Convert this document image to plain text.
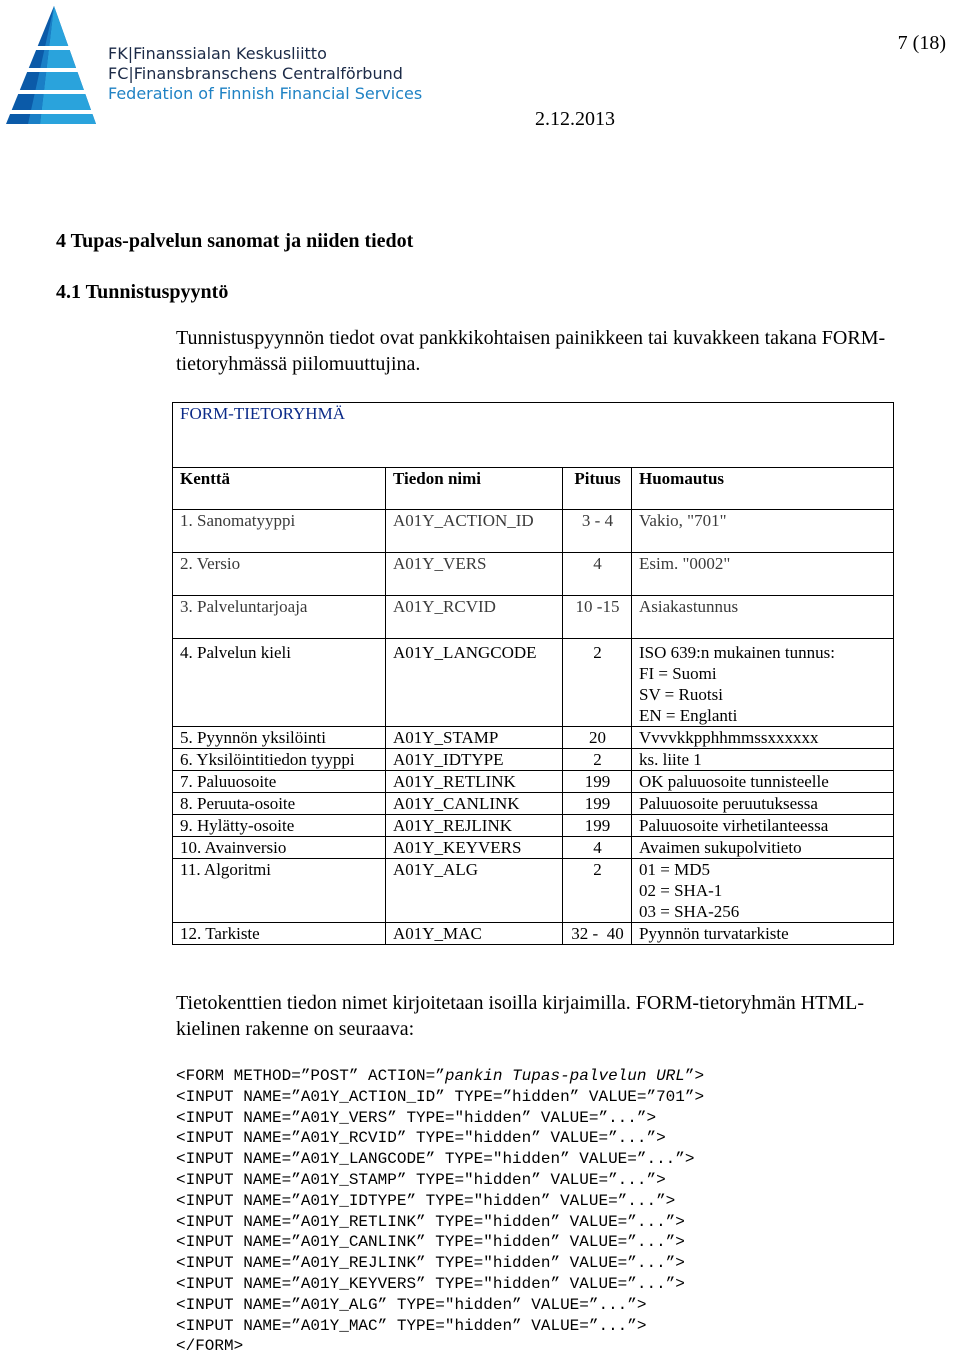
FK|Finanssialan Keskusliitto
FC|Finansbranschens Centralförbund
Federation of Finnish Financial Services
7 (18)
2.12.2013
4 Tupas-palvelun sanomat ja niiden tiedot
4.1 Tunnistuspyyntö
Tunnistuspyynnön tiedot ovat pankkikohtaisen painikkeen tai kuvakkeen takana FORM-
tietoryhmässä piilomuuttujina.
FORM-TIETORYHMÄ			
Kenttä	Tiedon nimi	Pituus	Huomautus
1. Sanomatyyppi	A01Y_ACTION_ID	3 - 4	Vakio, "701"
2. Versio	A01Y_VERS	4	Esim. "0002"
3. Palveluntarjoaja	A01Y_RCVID	10 -15	Asiakastunnus
4. Palvelun kieli	A01Y_LANGCODE	2	ISO 639:n mukainen tunnus:
FI = Suomi
SV = Ruotsi
EN = Englanti

5. Pyynnön yksilöinti	A01Y_STAMP	20	Vvvvkkpphhmmssxxxxxx
6. Yksilöintitiedon tyyppi	A01Y_IDTYPE	2	ks. liite 1
7. Paluuosoite	A01Y_RETLINK	199	OK paluuosoite tunnisteelle
8. Peruuta-osoite	A01Y_CANLINK	199	Paluuosoite peruutuksessa
9. Hylätty-osoite	A01Y_REJLINK	199	Paluuosoite virhetilanteessa
10. Avainversio	A01Y_KEYVERS	4	Avaimen sukupolvitieto
11. Algoritmi	A01Y_ALG	2	01 = MD5
02 = SHA-1
03 = SHA-256

12. Tarkiste	A01Y_MAC	32 -  40	Pyynnön turvatarkiste
Tietokenttien tiedon nimet kirjoitetaan isoilla kirjaimilla. FORM-tietoryhmän HTML-
kielinen rakenne on seuraava:
<FORM METHOD=”POST” ACTION=”pankin Tupas-palvelun URL”>
<INPUT NAME=”A01Y_ACTION_ID” TYPE=”hidden” VALUE=”701”>
<INPUT NAME=”A01Y_VERS” TYPE="hidden” VALUE=”...”>
<INPUT NAME=”A01Y_RCVID” TYPE="hidden” VALUE=”...”>
<INPUT NAME=”A01Y_LANGCODE” TYPE="hidden” VALUE=”...”>
<INPUT NAME=”A01Y_STAMP” TYPE="hidden” VALUE=”...”>
<INPUT NAME=”A01Y_IDTYPE” TYPE="hidden” VALUE=”...”>
<INPUT NAME=”A01Y_RETLINK” TYPE="hidden” VALUE=”...”>
<INPUT NAME=”A01Y_CANLINK” TYPE="hidden” VALUE=”...”>
<INPUT NAME=”A01Y_REJLINK” TYPE="hidden” VALUE=”...”>
<INPUT NAME=”A01Y_KEYVERS” TYPE="hidden” VALUE=”...”>
<INPUT NAME=”A01Y_ALG” TYPE="hidden” VALUE=”...”>
<INPUT NAME=”A01Y_MAC” TYPE="hidden” VALUE=”...”>
</FORM>
